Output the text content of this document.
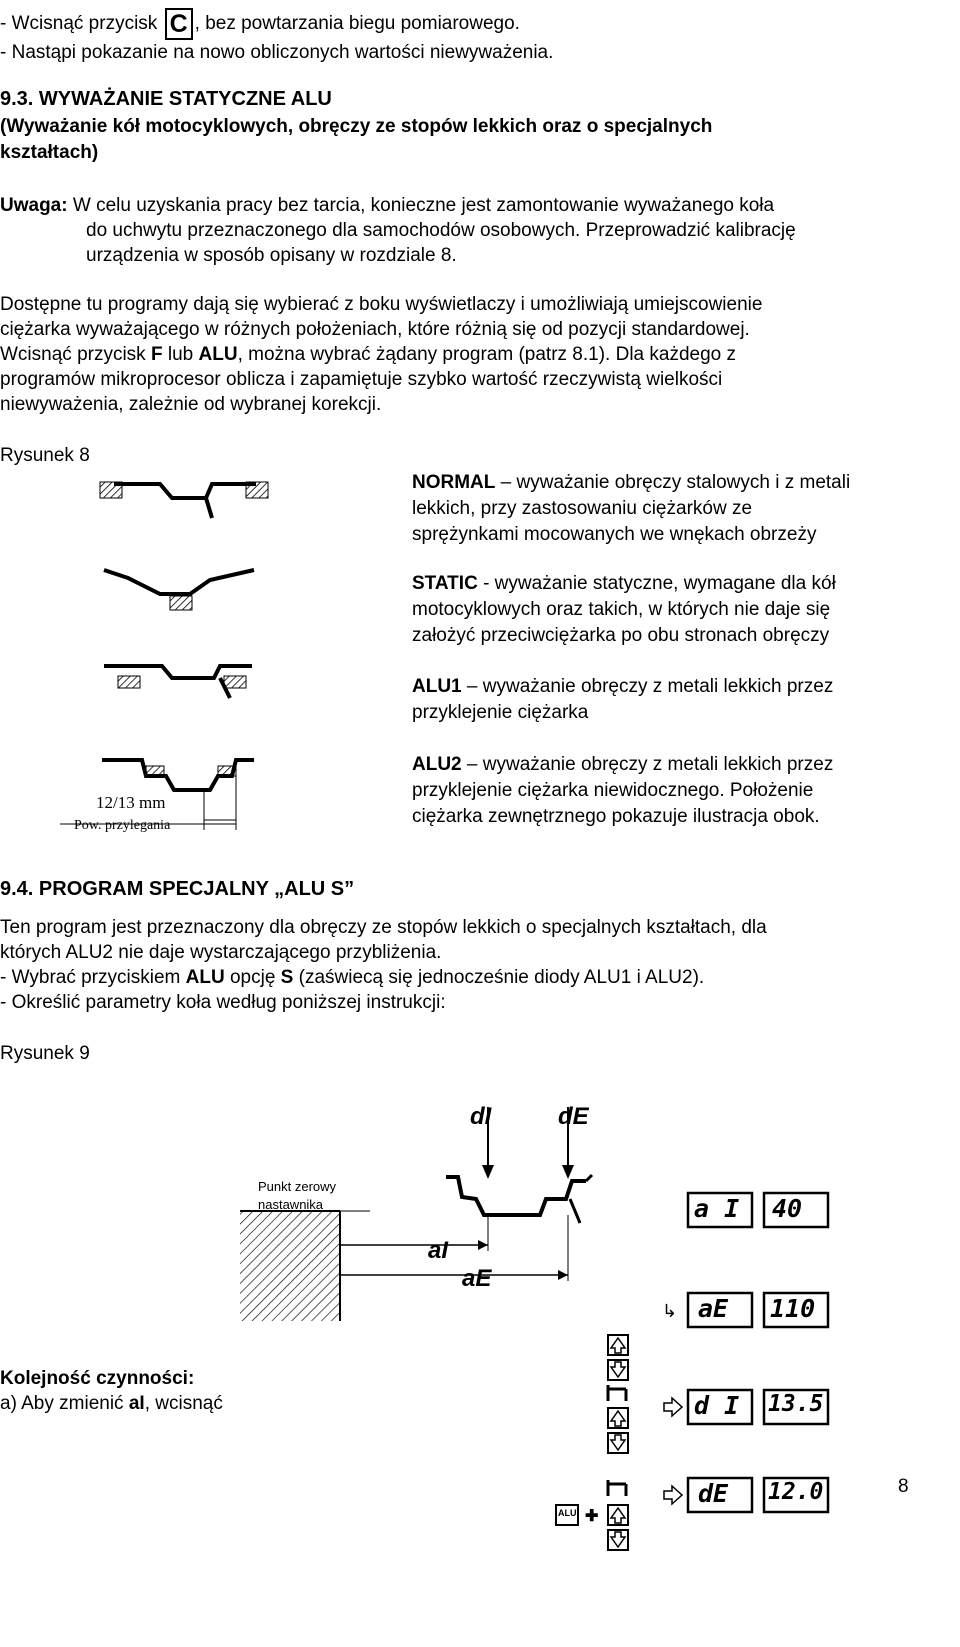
- Wcisnąć przycisk C , bez powtarzania biegu pomiarowego.
- Nastąpi pokazanie na nowo obliczonych wartości niewyważenia.
9.3. WYWAŻANIE STATYCZNE ALU
(Wyważanie kół motocyklowych, obręczy ze stopów lekkich oraz o specjalnych
kształtach)
Uwaga: W celu uzyskania pracy bez tarcia, konieczne jest zamontowanie wyważanego koła
do uchwytu przeznaczonego dla samochodów osobowych. Przeprowadzić kalibrację
urządzenia w sposób opisany w rozdziale 8.
Dostępne tu programy dają się wybierać z boku wyświetlaczy i umożliwiają umiejscowienie
ciężarka wyważającego w różnych położeniach, które różnią się od pozycji standardowej.
Wcisnąć przycisk F lub ALU, można wybrać żądany program (patrz 8.1). Dla każdego z
programów mikroprocesor oblicza i zapamiętuje szybko wartość rzeczywistą wielkości
niewyważenia, zależnie od wybranej korekcji.
Rysunek 8
12/13 mm
Pow. przylegania
NORMAL – wyważanie obręczy stalowych i z metali
lekkich, przy zastosowaniu ciężarków ze
sprężynkami mocowanych we wnękach obrzeży
STATIC - wyważanie statyczne, wymagane dla kół
motocyklowych oraz takich, w których nie daje się
założyć przeciwciężarka po obu stronach obręczy
ALU1 – wyważanie obręczy z metali lekkich przez
przyklejenie ciężarka
ALU2 – wyważanie obręczy z metali lekkich przez
przyklejenie ciężarka niewidocznego. Położenie
ciężarka zewnętrznego pokazuje ilustracja obok.
9.4. PROGRAM SPECJALNY „ALU S”
Ten program jest przeznaczony dla obręczy ze stopów lekkich o specjalnych kształtach, dla
których ALU2 nie daje wystarczającego przybliżenia.
- Wybrać przyciskiem ALU opcję S (zaświecą się jednocześnie diody ALU1 i ALU2).
- Określić parametry koła według poniższej instrukcji:
Rysunek 9
dI	dE
Punkt zerowy
nastawnika
aI
aE
↳
✚
a I 40
aE 110
d I 13.5
dE 12.0
ALU
Kolejność czynności:
a) Aby zmienić aI, wcisnąć
8
